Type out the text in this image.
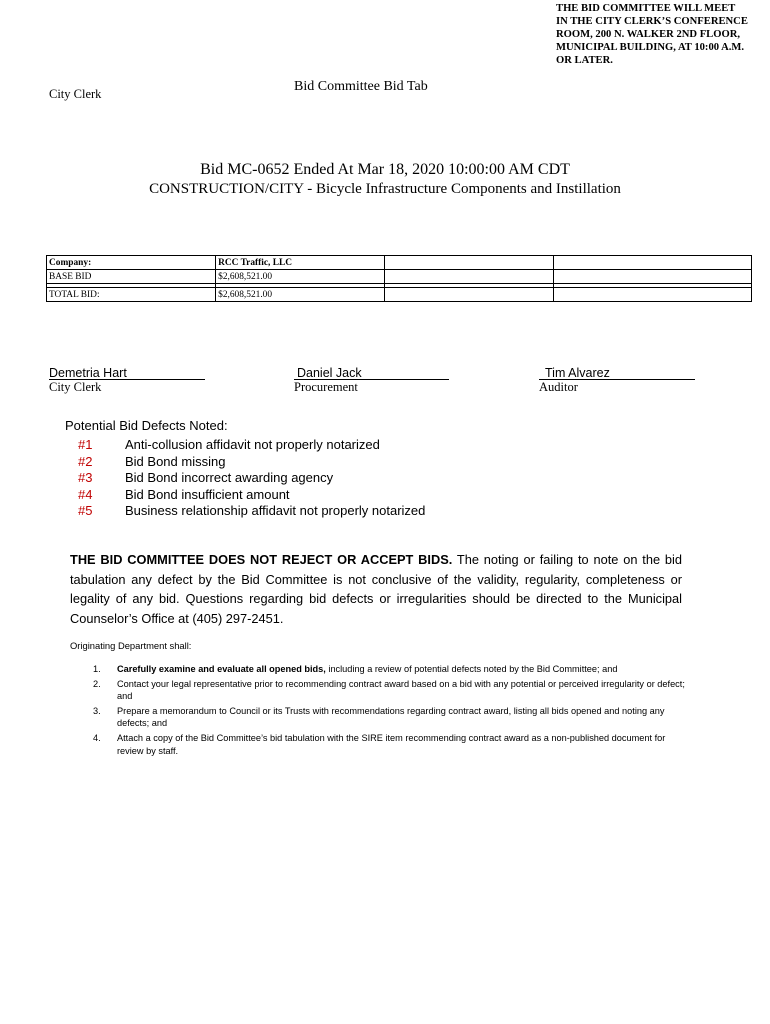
THE BID COMMITTEE WILL MEET
IN THE CITY CLERK’S CONFERENCE
ROOM, 200 N. WALKER 2ND FLOOR,
MUNICIPAL BUILDING, AT 10:00 A.M.
OR LATER.
City Clerk	Bid Committee Bid Tab
Bid MC-0652 Ended At Mar 18, 2020 10:00:00 AM CDT
CONSTRUCTION/CITY - Bicycle Infrastructure Components and Instillation
Company:	RCC Traffic, LLC		
BASE BID	$2,608,521.00		

TOTAL BID:	$2,608,521.00		
Demetria Hart
City Clerk
Daniel Jack
Procurement
Tim Alvarez
Auditor
Potential Bid Defects Noted:
#1	Anti-collusion affidavit not properly notarized
#2	Bid Bond missing
#3	Bid Bond incorrect awarding agency
#4	Bid Bond insufficient amount
#5	Business relationship affidavit not properly notarized
THE BID COMMITTEE DOES NOT REJECT OR ACCEPT BIDS. The noting or failing to note on the bid tabulation any defect by the Bid Committee is not conclusive of the validity, regularity, completeness or legality of any bid. Questions regarding bid defects or irregularities should be directed to the Municipal Counselor’s Office at (405) 297-2451.
Originating Department shall:
1. Carefully examine and evaluate all opened bids, including a review of potential defects noted by the Bid Committee; and
2. Contact your legal representative prior to recommending contract award based on a bid with any potential or perceived irregularity or defect; and
3. Prepare a memorandum to Council or its Trusts with recommendations regarding contract award, listing all bids opened and noting any defects; and
4. Attach a copy of the Bid Committee’s bid tabulation with the SIRE item recommending contract award as a non-published document for review by staff.
